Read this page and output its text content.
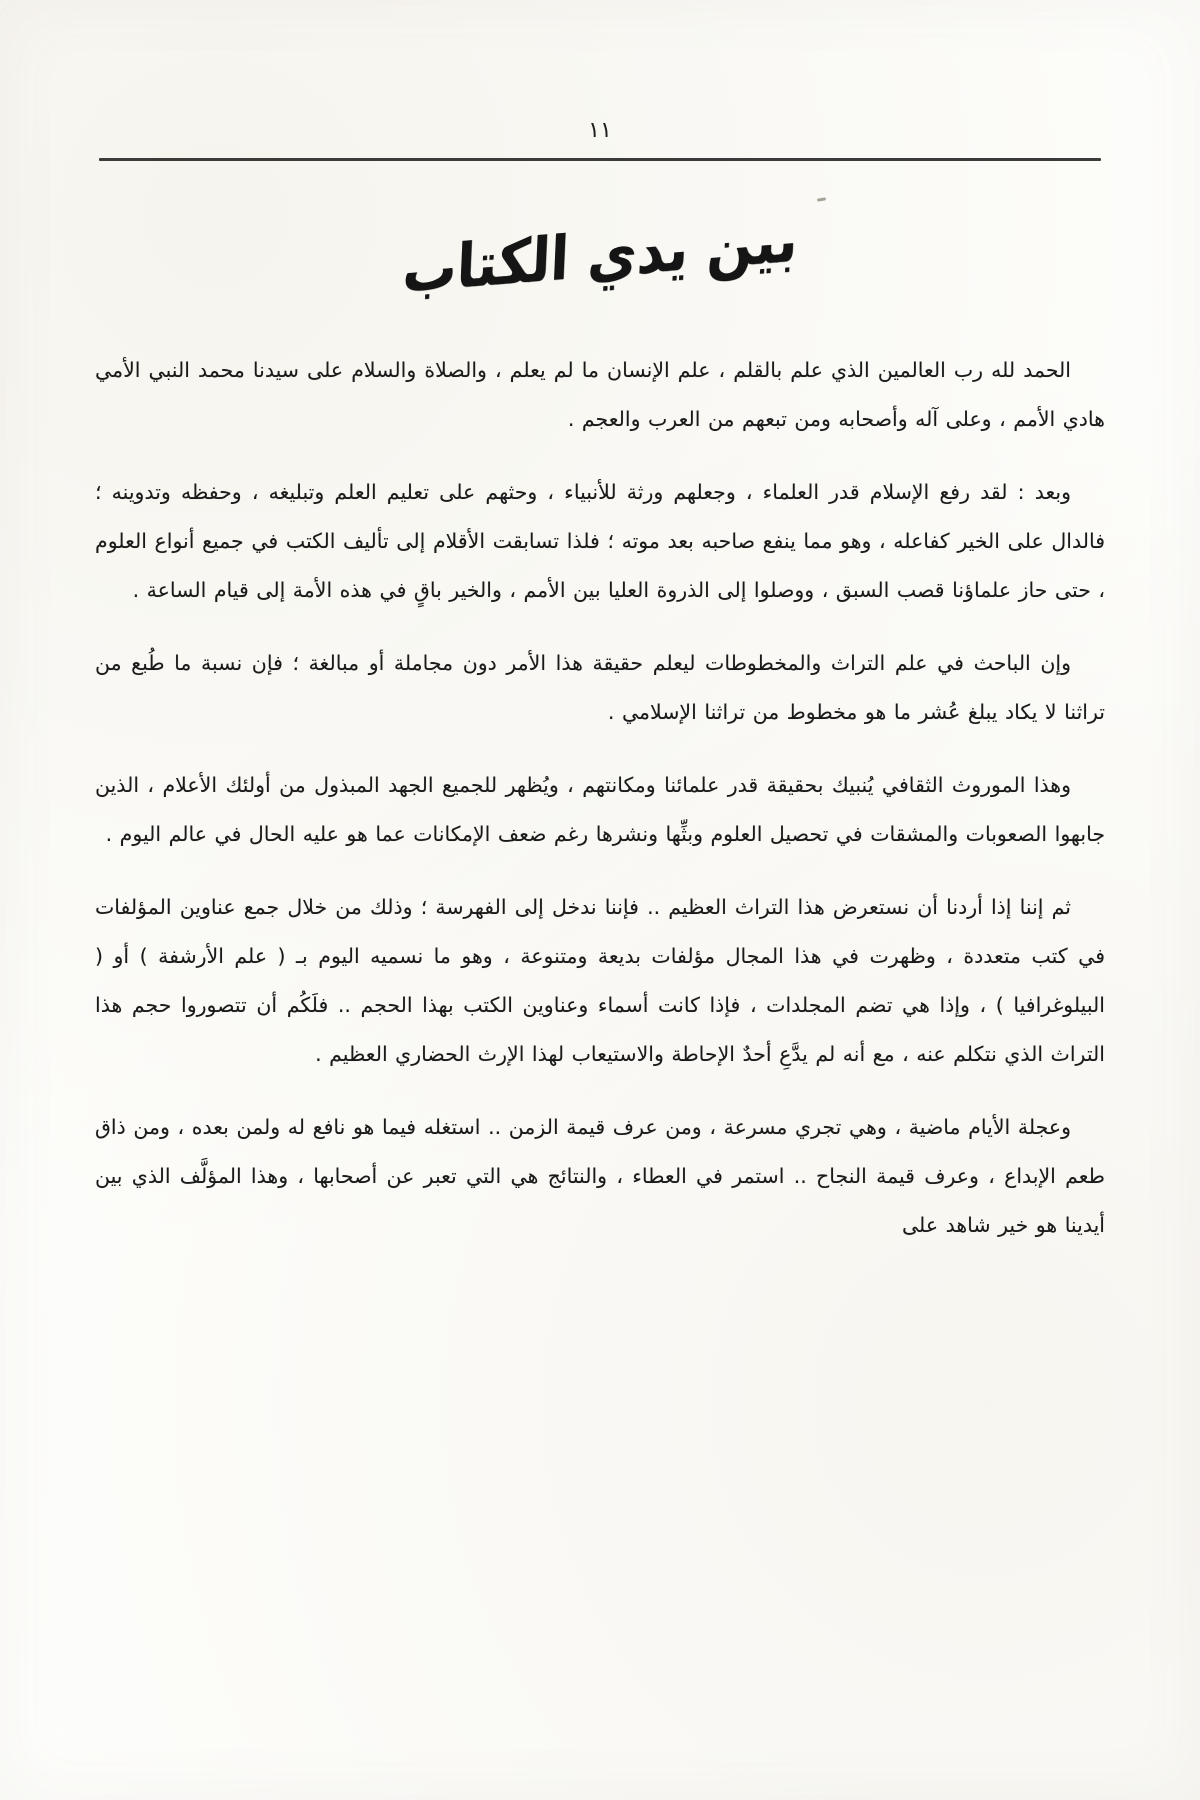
١١
بين يدي الكتاب

الحمد لله رب العالمين الذي علم بالقلم ، علم الإنسان ما لم يعلم ، والصلاة والسلام على سيدنا محمد النبي الأمي هادي الأمم ، وعلى آله وأصحابه ومن تبعهم من العرب والعجم .

وبعد : لقد رفع الإسلام قدر العلماء ، وجعلهم ورثة للأنبياء ، وحثهم على تعليم العلم وتبليغه ، وحفظه وتدوينه ؛ فالدال على الخير كفاعله ، وهو مما ينفع صاحبه بعد موته ؛ فلذا تسابقت الأقلام إلى تأليف الكتب في جميع أنواع العلوم ، حتى حاز علماؤنا قصب السبق ، ووصلوا إلى الذروة العليا بين الأمم ، والخير باقٍ في هذه الأمة إلى قيام الساعة .

وإن الباحث في علم التراث والمخطوطات ليعلم حقيقة هذا الأمر دون مجاملة أو مبالغة ؛ فإن نسبة ما طُبع من تراثنا لا يكاد يبلغ عُشر ما هو مخطوط من تراثنا الإسلامي .

وهذا الموروث الثقافي يُنبيك بحقيقة قدر علمائنا ومكانتهم ، ويُظهر للجميع الجهد المبذول من أولئك الأعلام ، الذين جابهوا الصعوبات والمشقات في تحصيل العلوم وبثِّها ونشرها رغم ضعف الإمكانات عما هو عليه الحال في عالم اليوم .

ثم إننا إذا أردنا أن نستعرض هذا التراث العظيم .. فإننا ندخل إلى الفهرسة ؛ وذلك من خلال جمع عناوين المؤلفات في كتب متعددة ، وظهرت في هذا المجال مؤلفات بديعة ومتنوعة ، وهو ما نسميه اليوم بـ ( علم الأرشفة ) أو ( البيلوغرافيا ) ، وإذا هي تضم المجلدات ، فإذا كانت أسماء وعناوين الكتب بهذا الحجم .. فلَكُم أن تتصوروا حجم هذا التراث الذي نتكلم عنه ، مع أنه لم يدَّعِ أحدٌ الإحاطة والاستيعاب لهذا الإرث الحضاري العظيم .

وعجلة الأيام ماضية ، وهي تجري مسرعة ، ومن عرف قيمة الزمن .. استغله فيما هو نافع له ولمن بعده ، ومن ذاق طعم الإبداع ، وعرف قيمة النجاح .. استمر في العطاء ، والنتائج هي التي تعبر عن أصحابها ، وهذا المؤلَّف الذي بين أيدينا هو خير شاهد على
